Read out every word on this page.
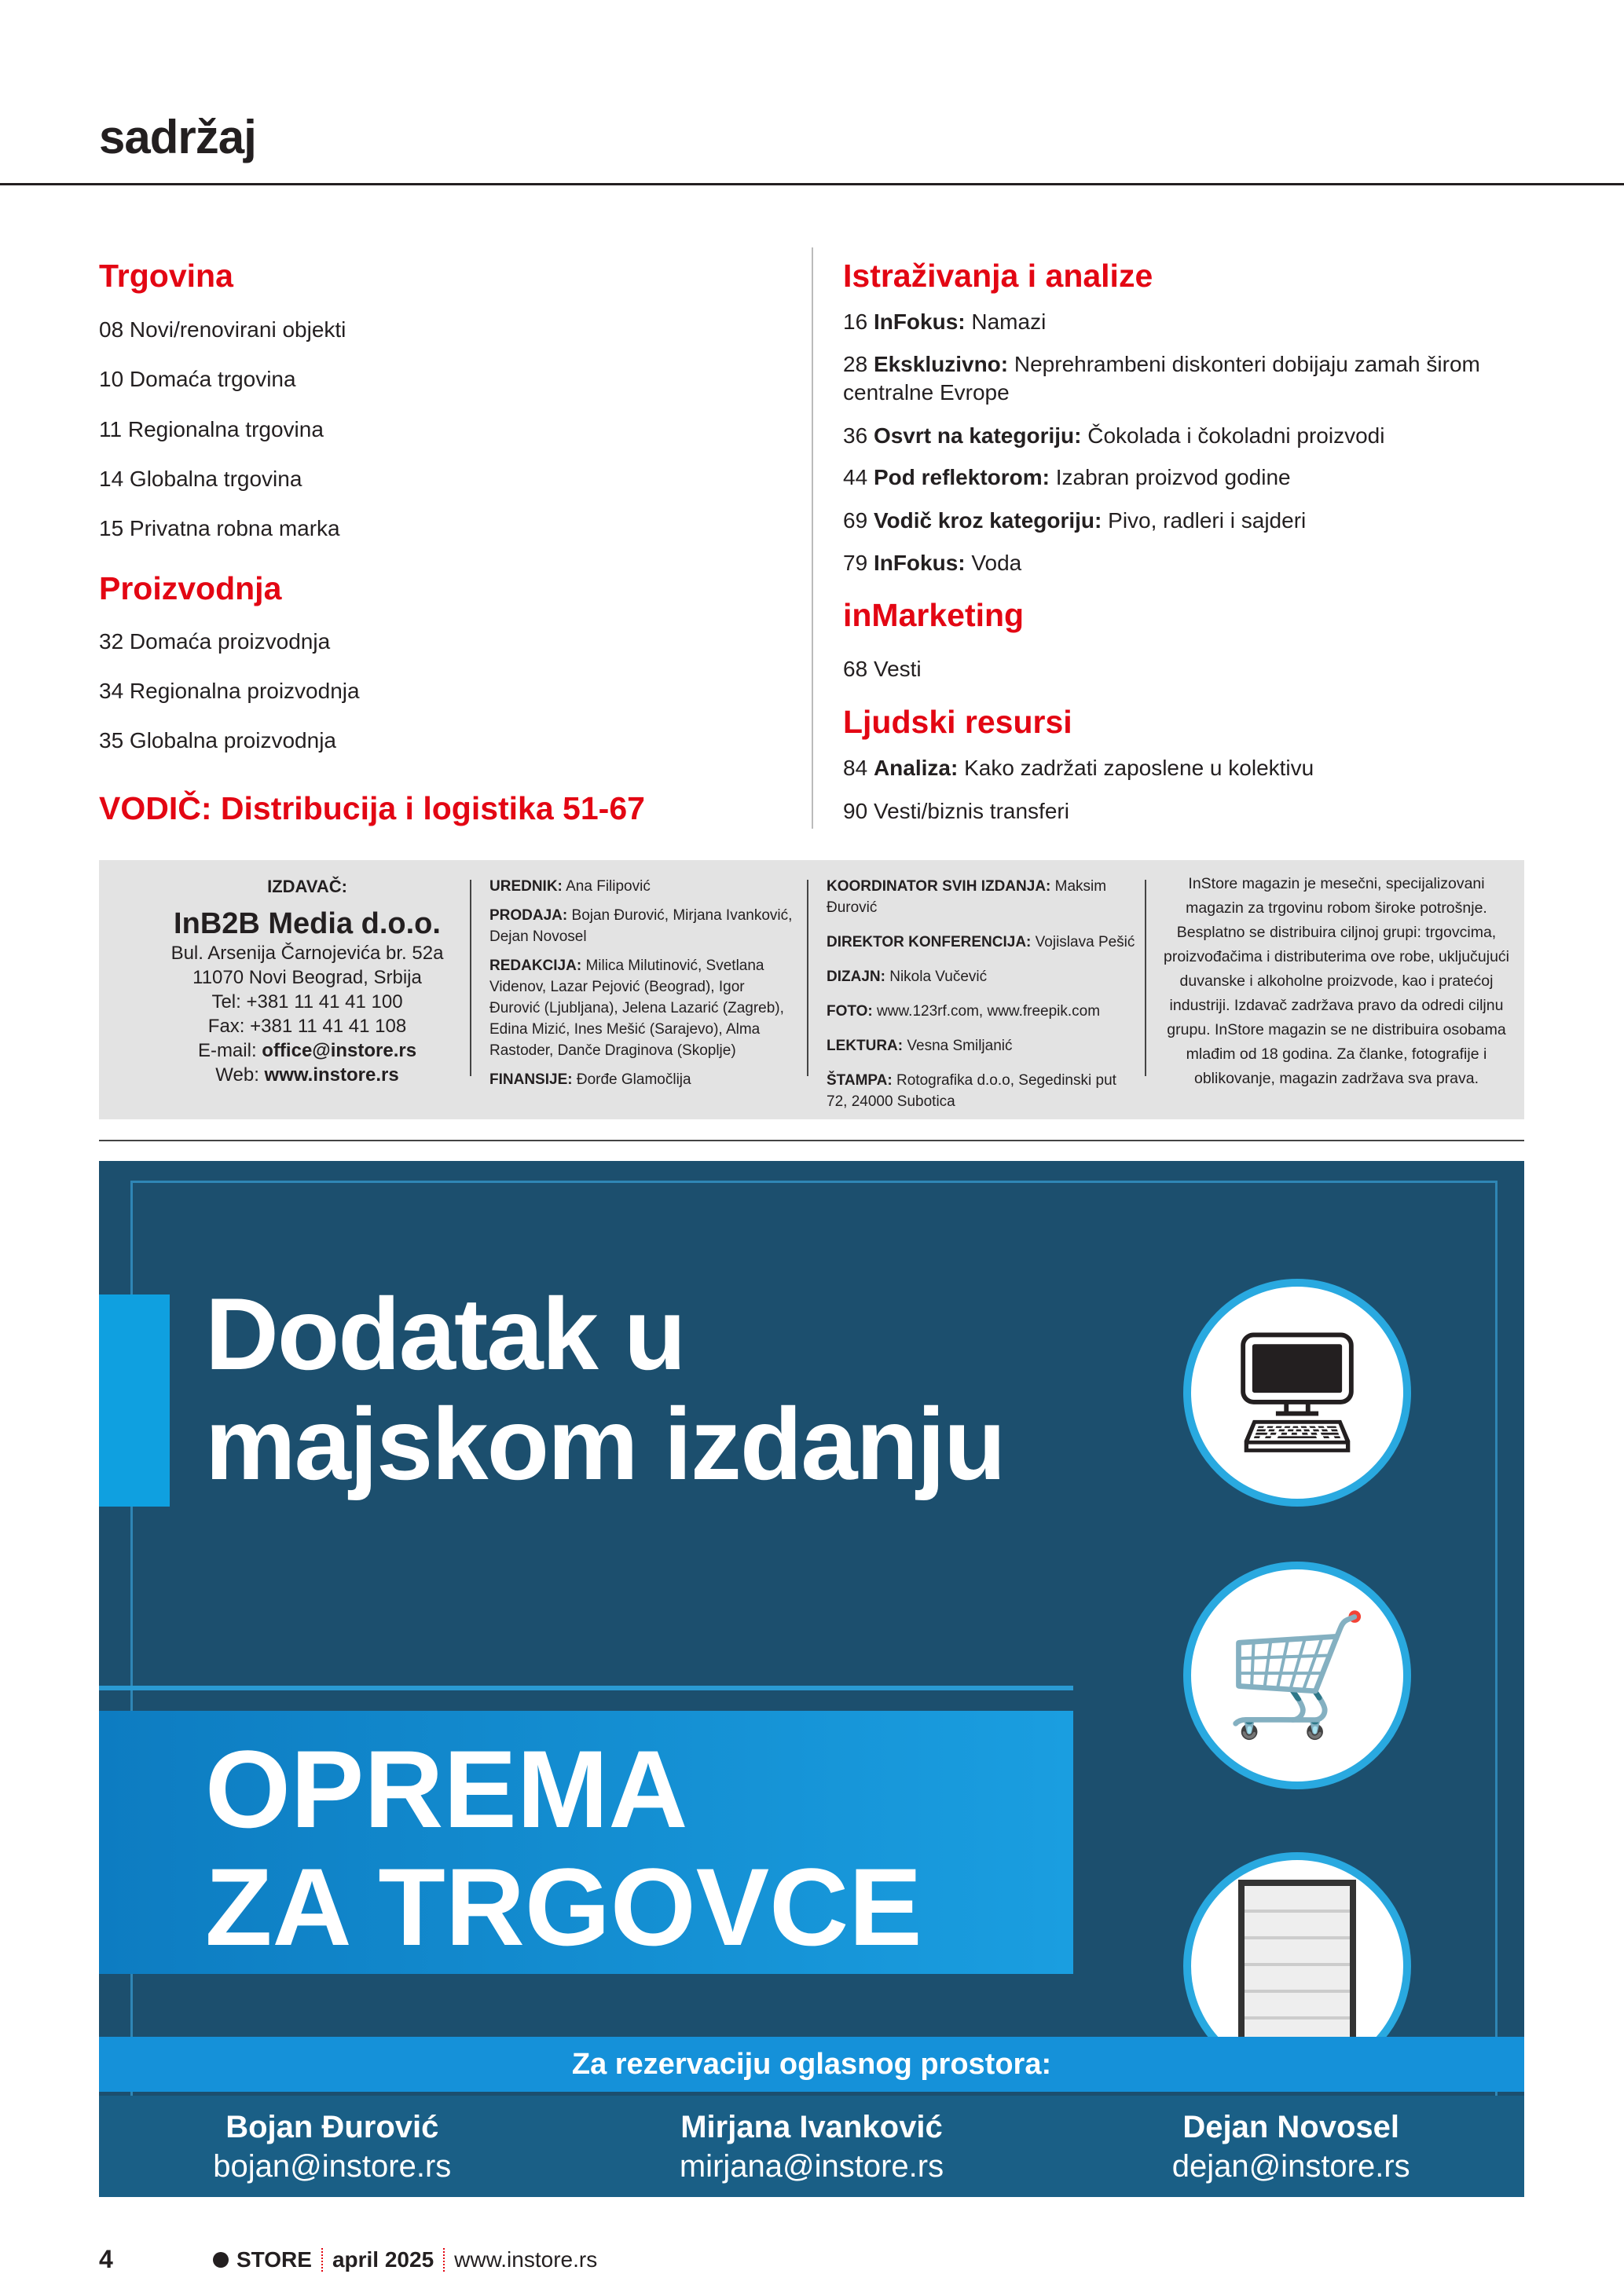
sadržaj
Trgovina
08 Novi/renovirani objekti
10 Domaća trgovina
11 Regionalna trgovina
14 Globalna trgovina
15 Privatna robna marka
Proizvodnja
32 Domaća proizvodnja
34 Regionalna proizvodnja
35 Globalna proizvodnja
VODIČ: Distribucija i logistika 51-67
Istraživanja i analize
16 InFokus: Namazi
28 Ekskluzivno: Neprehrambeni diskonteri dobijaju zamah širom
centralne Evrope
36 Osvrt na kategoriju: Čokolada i čokoladni proizvodi
44 Pod reflektorom: Izabran proizvod godine
69 Vodič kroz kategoriju: Pivo, radleri i sajderi
79 InFokus: Voda
inMarketing
68 Vesti
Ljudski resursi
84 Analiza: Kako zadržati zaposlene u kolektivu
90 Vesti/biznis transferi
IZDAVAČ:
InB2B Media d.o.o.
Bul. Arsenija Čarnojevića br. 52a
11070 Novi Beograd, Srbija
Tel: +381 11 41 41 100
Fax: +381 11 41 41 108
E-mail: office@instore.rs
Web: www.instore.rs
UREDNIK: Ana Filipović
PRODAJA: Bojan Đurović, Mirjana Ivanković, Dejan Novosel
REDAKCIJA: Milica Milutinović, Svetlana Videnov, Lazar Pejović (Beograd), Igor Đurović (Ljubljana), Jelena Lazarić (Zagreb), Edina Mizić, Ines Mešić (Sarajevo), Alma Rastoder, Danče Draginova (Skoplje)
FINANSIJE: Đorđe Glamočlija
KOORDINATOR SVIH IZDANJA: Maksim Đurović
DIREKTOR KONFERENCIJA: Vojislava Pešić
DIZAJN: Nikola Vučević
FOTO: www.123rf.com, www.freepik.com
LEKTURA: Vesna Smiljanić
ŠTAMPA: Rotografika d.o.o, Segedinski put 72, 24000 Subotica
InStore magazin je mesečni, specijalizovani magazin za trgovinu robom široke potrošnje. Besplatno se distribuira ciljnoj grupi: trgovcima, proizvođačima i distributerima ove robe, uključujući duvanske i alkoholne proizvode, kao i pratećoj industriji. Izdavač zadržava pravo da odredi ciljnu grupu. InStore magazin se ne distribuira osobama mlađim od 18 godina. Za članke, fotografije i oblikovanje, magazin zadržava sva prava.
Dodatak u
majskom izdanju
OPREMA
ZA TRGOVCE
🖥
🛒
Za rezervaciju oglasnog prostora:
Bojan Đurović
bojan@instore.rs
Mirjana Ivanković
mirjana@instore.rs
Dejan Novosel
dejan@instore.rs
4	STORE april 2025 www.instore.rs
